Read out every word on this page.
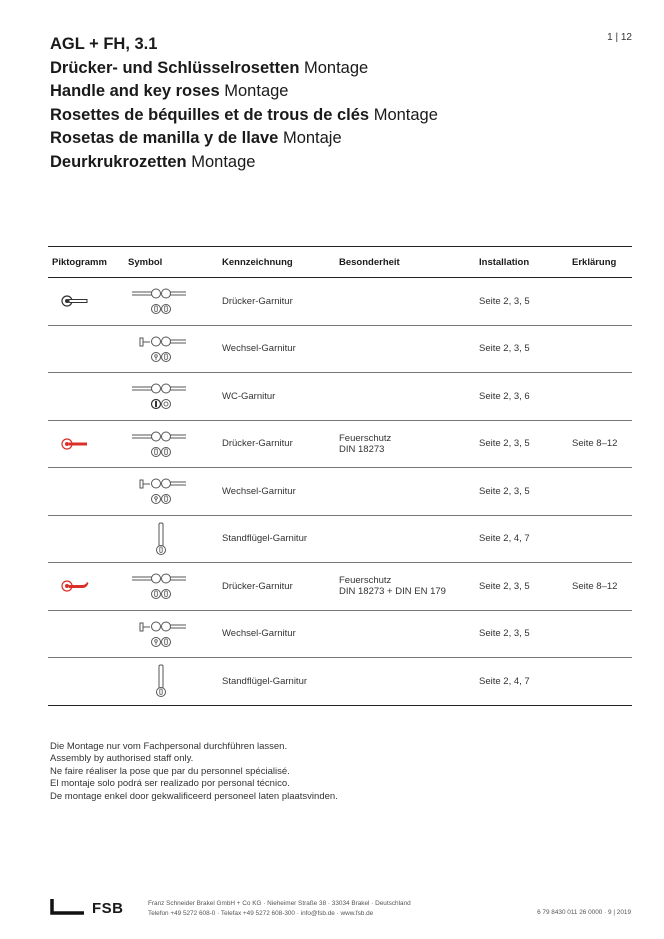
1 | 12
AGL + FH, 3.1
Drücker- und Schlüsselrosetten Montage
Handle and key roses Montage
Rosettes de béquilles et de trous de clés Montage
Rosetas de manilla y de llave Montaje
Deurkrukrozetten Montage
Piktogramm	Symbol	Kennzeichnung	Besonderheit	Installation	Erklärung

	Drücker-Garnitur		Seite 2, 3, 5	

	Wechsel-Garnitur		Seite 2, 3, 5	

	WC-Garnitur		Seite 2, 3, 6	

	Drücker-Garnitur	Feuerschutz
DIN 18273	Seite 2, 3, 5	Seite 8–12

	Wechsel-Garnitur		Seite 2, 3, 5	

	Standflügel-Garnitur		Seite 2, 4, 7	

	Drücker-Garnitur	Feuerschutz
DIN 18273 + DIN EN 179	Seite 2, 3, 5	Seite 8–12

	Wechsel-Garnitur		Seite 2, 3, 5	

	Standflügel-Garnitur		Seite 2, 4, 7	
Die Montage nur vom Fachpersonal durchführen lassen.
Assembly by authorised staff only.
Ne faire réaliser la pose que par du personnel spécialisé.
El montaje solo podrá ser realizado por personal técnico.
De montage enkel door gekwalificeerd personeel laten plaatsvinden.
FSB	Franz Schneider Brakel GmbH + Co KG · Nieheimer Straße 38 · 33034 Brakel · Deutschland
Telefon +49 5272 608-0 · Telefax +49 5272 608-300 · info@fsb.de · www.fsb.de	6 79 8430 011 26 0000 · 9 | 2019
